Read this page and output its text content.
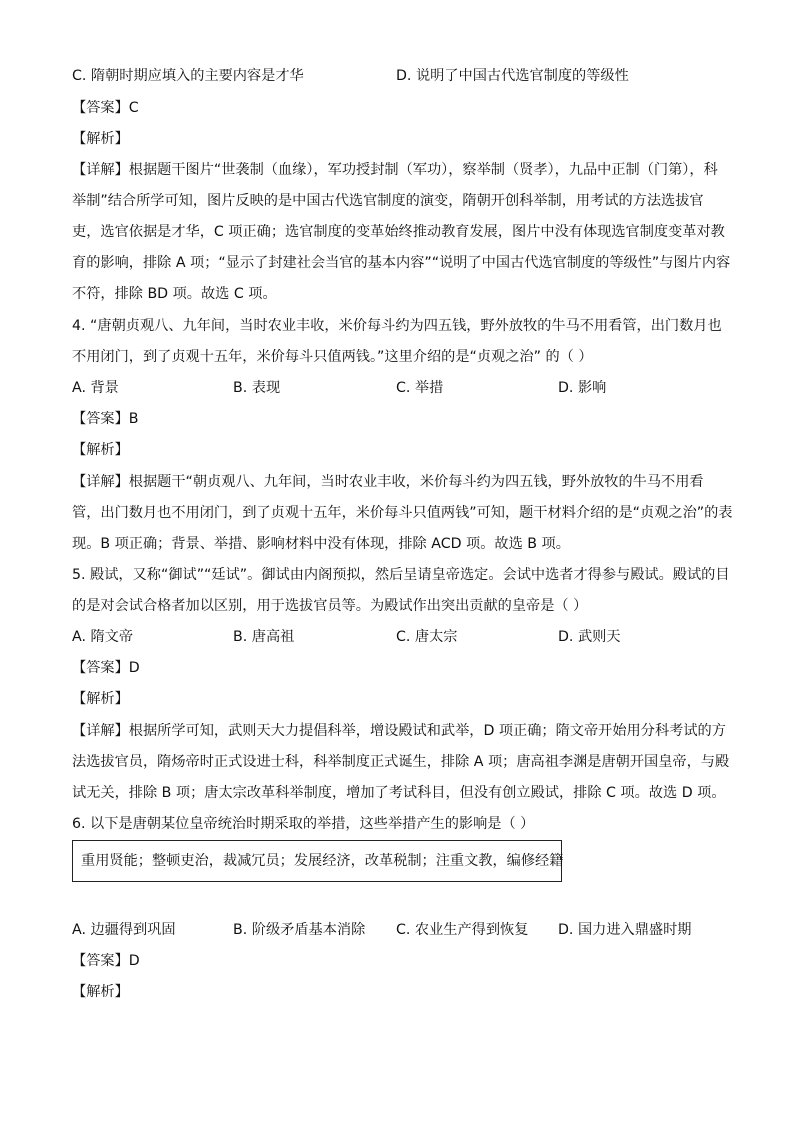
C. 隋朝时期应填入的主要内容是才华	D. 说明了中国古代选官制度的等级性
【答案】C
【解析】
【详解】根据题干图片“世袭制（血缘），军功授封制（军功），察举制（贤孝），九品中正制（门第），科
举制”结合所学可知，图片反映的是中国古代选官制度的演变，隋朝开创科举制，用考试的方法选拔官
吏，选官依据是才华，C 项正确；选官制度的变革始终推动教育发展，图片中没有体现选官制度变革对教
育的影响，排除 A 项；“显示了封建社会当官的基本内容”“说明了中国古代选官制度的等级性”与图片内容
不符，排除 BD 项。故选 C 项。
4. “唐朝贞观八、九年间，当时农业丰收，米价每斗约为四五钱，野外放牧的牛马不用看管，出门数月也
不用闭门，到了贞观十五年，米价每斗只值两钱。”这里介绍的是“贞观之治” 的（ ）
A. 背景	B. 表现	C. 举措	D. 影响
【答案】B
【解析】
【详解】根据题干“朝贞观八、九年间，当时农业丰收，米价每斗约为四五钱，野外放牧的牛马不用看
管，出门数月也不用闭门，到了贞观十五年，米价每斗只值两钱”可知，题干材料介绍的是“贞观之治”的表
现。B 项正确；背景、举措、影响材料中没有体现，排除 ACD 项。故选 B 项。
5. 殿试，又称“御试”“廷试”。御试由内阁预拟，然后呈请皇帝选定。会试中选者才得参与殿试。殿试的目
的是对会试合格者加以区别，用于选拔官员等。为殿试作出突出贡献的皇帝是（ ）
A. 隋文帝	B. 唐高祖	C. 唐太宗	D. 武则天
【答案】D
【解析】
【详解】根据所学可知，武则天大力提倡科举，增设殿试和武举，D 项正确；隋文帝开始用分科考试的方
法选拔官员，隋炀帝时正式设进士科，科举制度正式诞生，排除 A 项；唐高祖李渊是唐朝开国皇帝，与殿
试无关，排除 B 项；唐太宗改革科举制度，增加了考试科目，但没有创立殿试，排除 C 项。故选 D 项。
6. 以下是唐朝某位皇帝统治时期采取的举措，这些举措产生的影响是（ ）
重用贤能；整顿吏治，裁减冗员；发展经济，改革税制；注重文教，编修经籍
A. 边疆得到巩固	B. 阶级矛盾基本消除 C. 农业生产得到恢复 D. 国力进入鼎盛时期
【答案】D
【解析】
